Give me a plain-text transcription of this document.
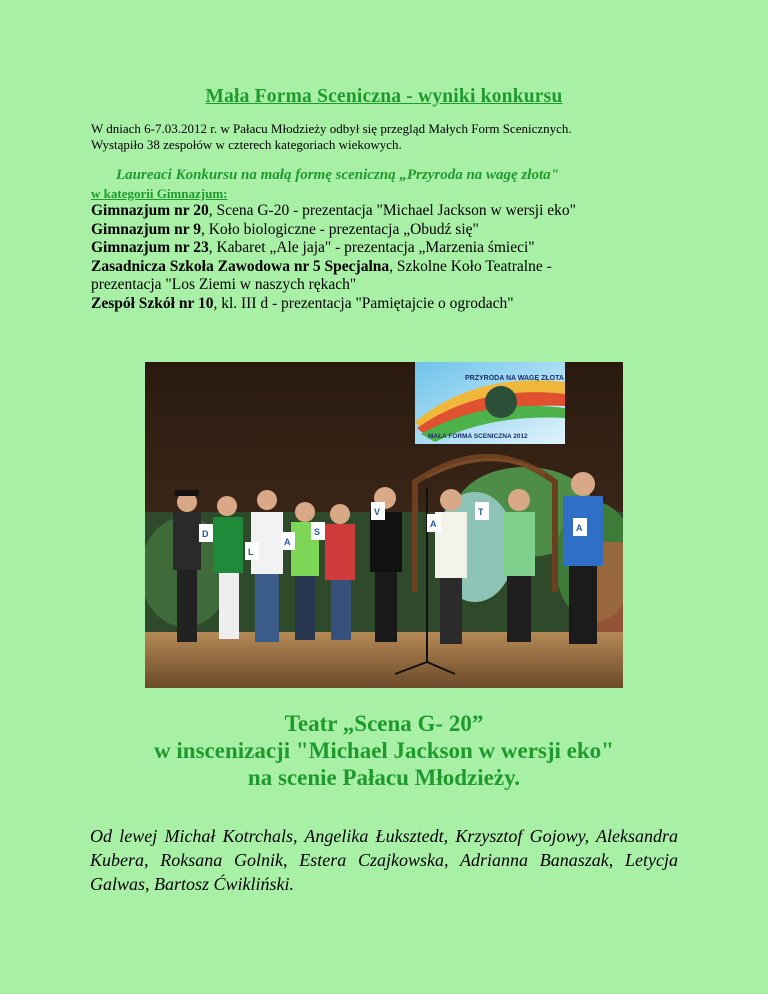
Mała Forma Sceniczna - wyniki konkursu
W dniach 6-7.03.2012 r. w Pałacu Młodzieży odbył się przegląd Małych Form Scenicznych.
Wystąpiło 38 zespołów w czterech kategoriach wiekowych.
Laureaci Konkursu na małą formę sceniczną „Przyroda na wagę złota"
w kategorii Gimnazjum:

Gimnazjum nr 20, Scena G-20 - prezentacja "Michael Jackson w wersji eko"

Gimnazjum nr 9, Koło biologiczne - prezentacja „Obudź się"

Gimnazjum nr 23, Kabaret „Ale jaja" - prezentacja „Marzenia śmieci"

Zasadnicza Szkoła Zawodowa nr 5 Specjalna, Szkolne Koło Teatralne -

prezentacja "Los Ziemi w naszych rękach"

Zespół Szkół nr 10, kl. III d - prezentacja "Pamiętajcie o ogrodach"

PRZYRODA NA WAGĘ ZŁOTA
MAŁA FORMA SCENICZNA 2012
D
L
A
S
V
A
T
A
Teatr „Scena G- 20”
w inscenizacji "Michael Jackson w wersji eko"
na scenie Pałacu Młodzieży.
Od lewej Michał Kotrchals, Angelika Łuksztedt, Krzysztof Gojowy, Aleksandra Kubera, Roksana Golnik, Estera Czajkowska, Adrianna Banaszak, Letycja Galwas, Bartosz Ćwikliński.
